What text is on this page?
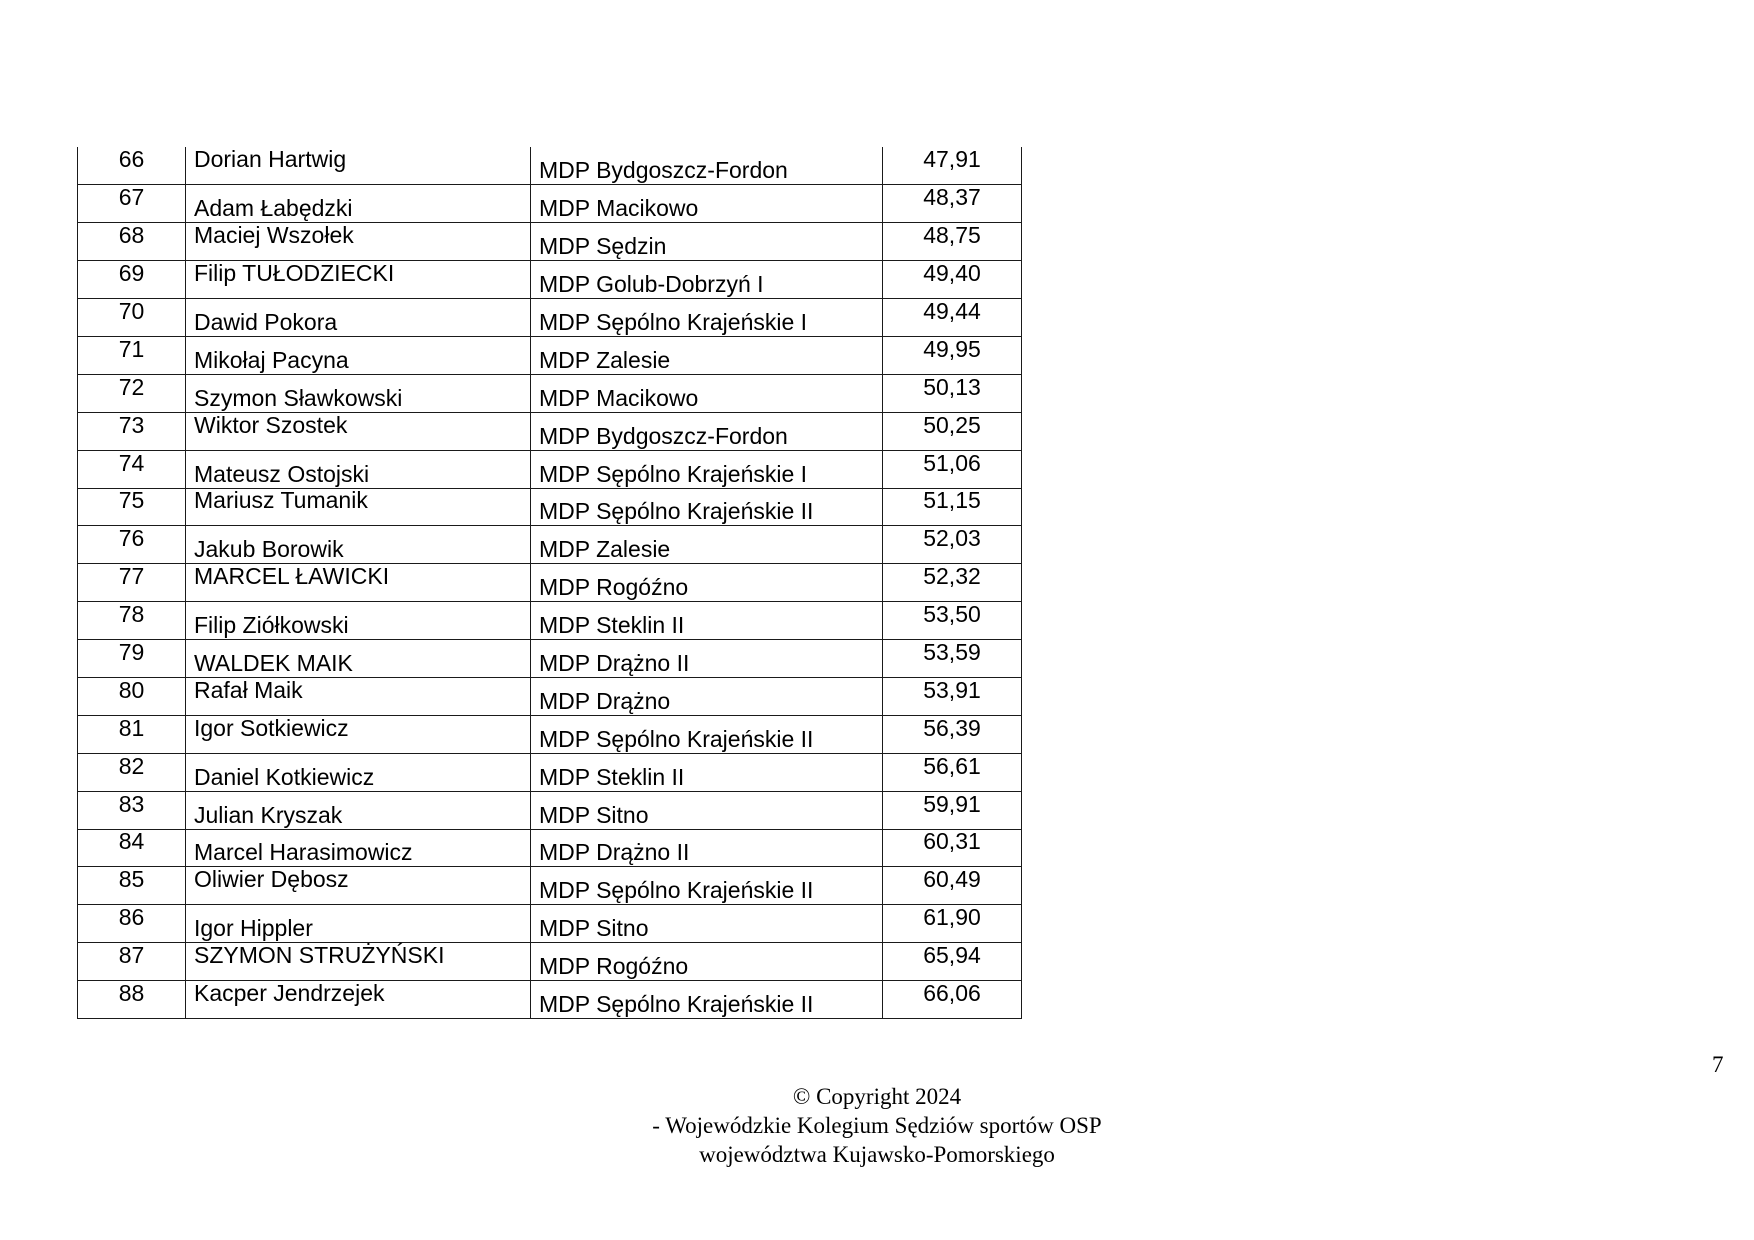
66	Dorian Hartwig	MDP Bydgoszcz-Fordon	47,91
67	Adam Łabędzki	MDP Macikowo	48,37
68	Maciej Wszołek	MDP Sędzin	48,75
69	Filip TUŁODZIECKI	MDP Golub-Dobrzyń I	49,40
70	Dawid Pokora	MDP Sępólno Krajeńskie I	49,44
71	Mikołaj Pacyna	MDP Zalesie	49,95
72	Szymon Sławkowski	MDP Macikowo	50,13
73	Wiktor Szostek	MDP Bydgoszcz-Fordon	50,25
74	Mateusz Ostojski	MDP Sępólno Krajeńskie I	51,06
75	Mariusz Tumanik	MDP Sępólno Krajeńskie II	51,15
76	Jakub Borowik	MDP Zalesie	52,03
77	MARCEL ŁAWICKI	MDP Rogóźno	52,32
78	Filip Ziółkowski	MDP Steklin II	53,50
79	WALDEK MAIK	MDP Drążno II	53,59
80	Rafał Maik	MDP Drążno	53,91
81	Igor Sotkiewicz	MDP Sępólno Krajeńskie II	56,39
82	Daniel Kotkiewicz	MDP Steklin II	56,61
83	Julian Kryszak	MDP Sitno	59,91
84	Marcel Harasimowicz	MDP Drążno II	60,31
85	Oliwier Dębosz	MDP Sępólno Krajeńskie II	60,49
86	Igor Hippler	MDP Sitno	61,90
87	SZYMON STRUŻYŃSKI	MDP Rogóźno	65,94
88	Kacper Jendrzejek	MDP Sępólno Krajeńskie II	66,06
7
© Copyright 2024
- Wojewódzkie Kolegium Sędziów sportów OSP
województwa Kujawsko-Pomorskiego
